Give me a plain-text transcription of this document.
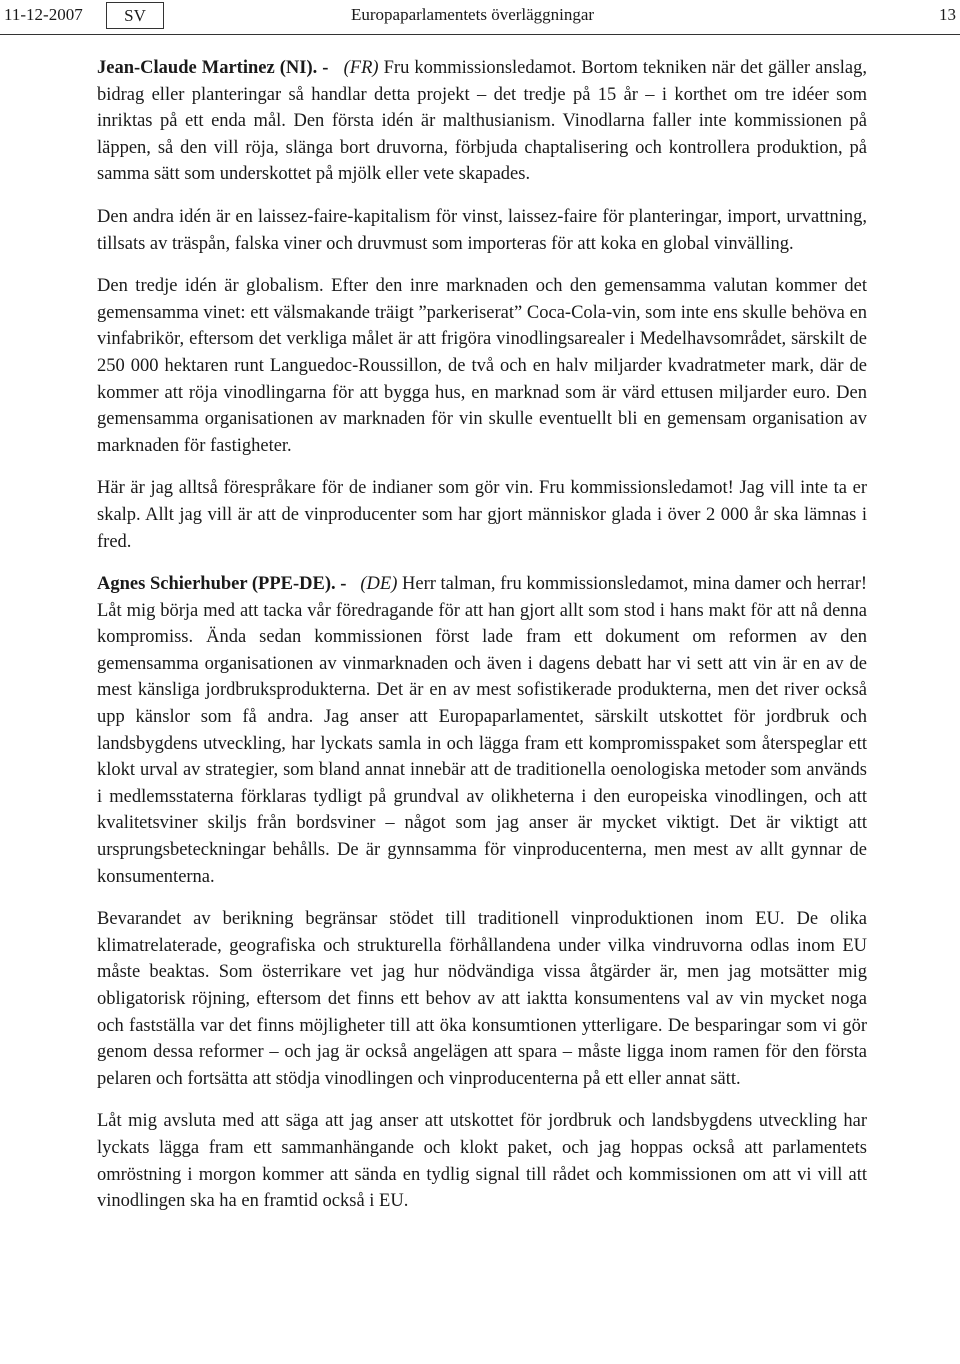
11-12-2007	SV	Europaparlamentets överläggningar	13

Jean-Claude Martinez (NI). - (FR) Fru kommissionsledamot. Bortom tekniken när det gäller anslag, bidrag eller planteringar så handlar detta projekt – det tredje på 15 år – i korthet om tre idéer som inriktas på ett enda mål. Den första idén är malthusianism. Vinodlarna faller inte kommissionen på läppen, så den vill röja, slänga bort druvorna, förbjuda chaptalisering och kontrollera produktion, på samma sätt som underskottet på mjölk eller vete skapades.

Den andra idén är en laissez-faire-kapitalism för vinst, laissez-faire för planteringar, import, urvattning, tillsats av träspån, falska viner och druvmust som importeras för att koka en global vinvälling.

Den tredje idén är globalism. Efter den inre marknaden och den gemensamma valutan kommer det gemensamma vinet: ett välsmakande träigt ”parkeriserat” Coca-Cola-vin, som inte ens skulle behöva en vinfabrikör, eftersom det verkliga målet är att frigöra vinodlingsarealer i Medelhavsområdet, särskilt de 250 000 hektaren runt Languedoc-Roussillon, de två och en halv miljarder kvadratmeter mark, där de kommer att röja vinodlingarna för att bygga hus, en marknad som är värd ettusen miljarder euro. Den gemensamma organisationen av marknaden för vin skulle eventuellt bli en gemensam organisation av marknaden för fastigheter.

Här är jag alltså förespråkare för de indianer som gör vin. Fru kommissionsledamot! Jag vill inte ta er skalp. Allt jag vill är att de vinproducenter som har gjort människor glada i över 2 000 år ska lämnas i fred.

Agnes Schierhuber (PPE-DE). - (DE) Herr talman, fru kommissionsledamot, mina damer och herrar! Låt mig börja med att tacka vår föredragande för att han gjort allt som stod i hans makt för att nå denna kompromiss. Ända sedan kommissionen först lade fram ett dokument om reformen av den gemensamma organisationen av vinmarknaden och även i dagens debatt har vi sett att vin är en av de mest känsliga jordbruksprodukterna. Det är en av mest sofistikerade produkterna, men det river också upp känslor som få andra. Jag anser att Europaparlamentet, särskilt utskottet för jordbruk och landsbygdens utveckling, har lyckats samla in och lägga fram ett kompromisspaket som återspeglar ett klokt urval av strategier, som bland annat innebär att de traditionella oenologiska metoder som används i medlemsstaterna förklaras tydligt på grundval av olikheterna i den europeiska vinodlingen, och att kvalitetsviner skiljs från bordsviner – något som jag anser är mycket viktigt. Det är viktigt att ursprungsbeteckningar behålls. De är gynnsamma för vinproducenterna, men mest av allt gynnar de konsumenterna.

Bevarandet av berikning begränsar stödet till traditionell vinproduktionen inom EU. De olika klimatrelaterade, geografiska och strukturella förhållandena under vilka vindruvorna odlas inom EU måste beaktas. Som österrikare vet jag hur nödvändiga vissa åtgärder är, men jag motsätter mig obligatorisk röjning, eftersom det finns ett behov av att iaktta konsumentens val av vin mycket noga och fastställa var det finns möjligheter till att öka konsumtionen ytterligare. De besparingar som vi gör genom dessa reformer – och jag är också angelägen att spara – måste ligga inom ramen för den första pelaren och fortsätta att stödja vinodlingen och vinproducenterna på ett eller annat sätt.

Låt mig avsluta med att säga att jag anser att utskottet för jordbruk och landsbygdens utveckling har lyckats lägga fram ett sammanhängande och klokt paket, och jag hoppas också att parlamentets omröstning i morgon kommer att sända en tydlig signal till rådet och kommissionen om att vi vill att vinodlingen ska ha en framtid också i EU.
